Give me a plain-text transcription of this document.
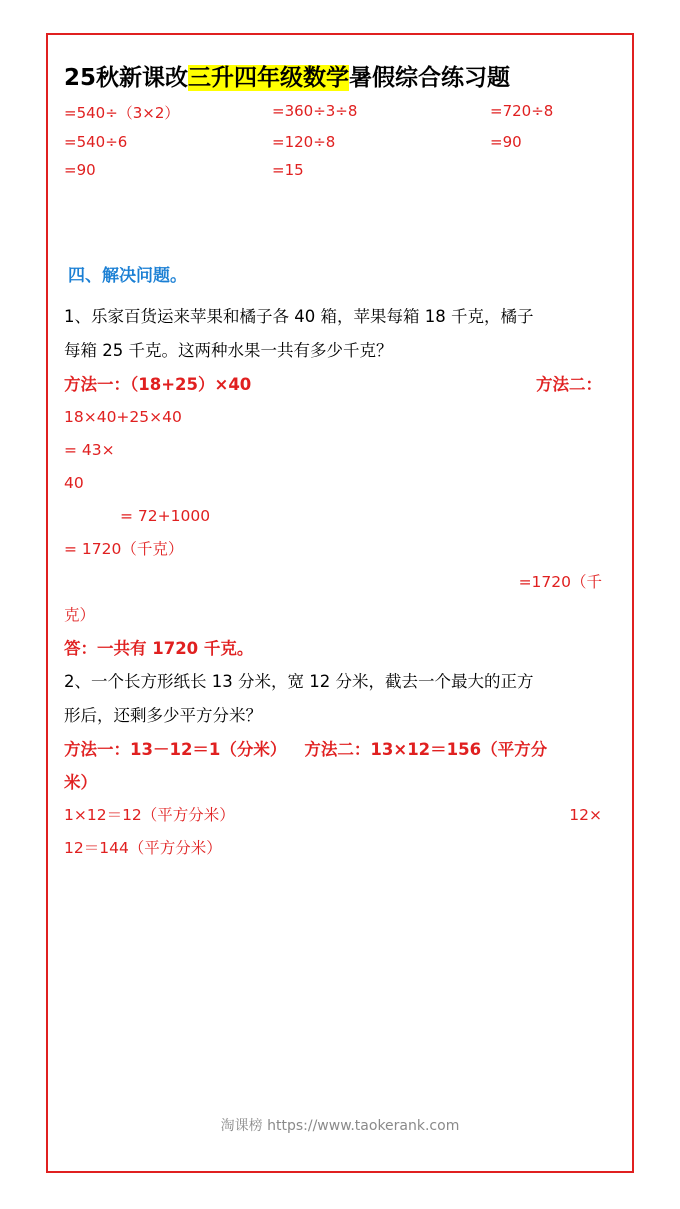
25秋新课改三升四年级数学暑假综合练习题
=540÷（3×2）	=360÷3÷8	=720÷8
=540÷6	=120÷8	=90
=90	=15
四、解决问题。
1、乐家百货运来苹果和橘子各 40 箱，苹果每箱 18 千克，橘子
每箱 25 千克。这两种水果一共有多少千克？
方法一：（18+25）×40	方法二：
18×40+25×40
= 43×
40
= 72+1000
= 1720（千克）
=1720（千
克）
答：一共有 1720 千克。
2、一个长方形纸长 13 分米，宽 12 分米，截去一个最大的正方
形后，还剩多少平方分米？
方法一：13－12＝1（分米） 方法二：13×12＝156（平方分
米）
1×12＝12（平方分米）	12×
12＝144（平方分米）
淘课榜 https://www.taokerank.com
